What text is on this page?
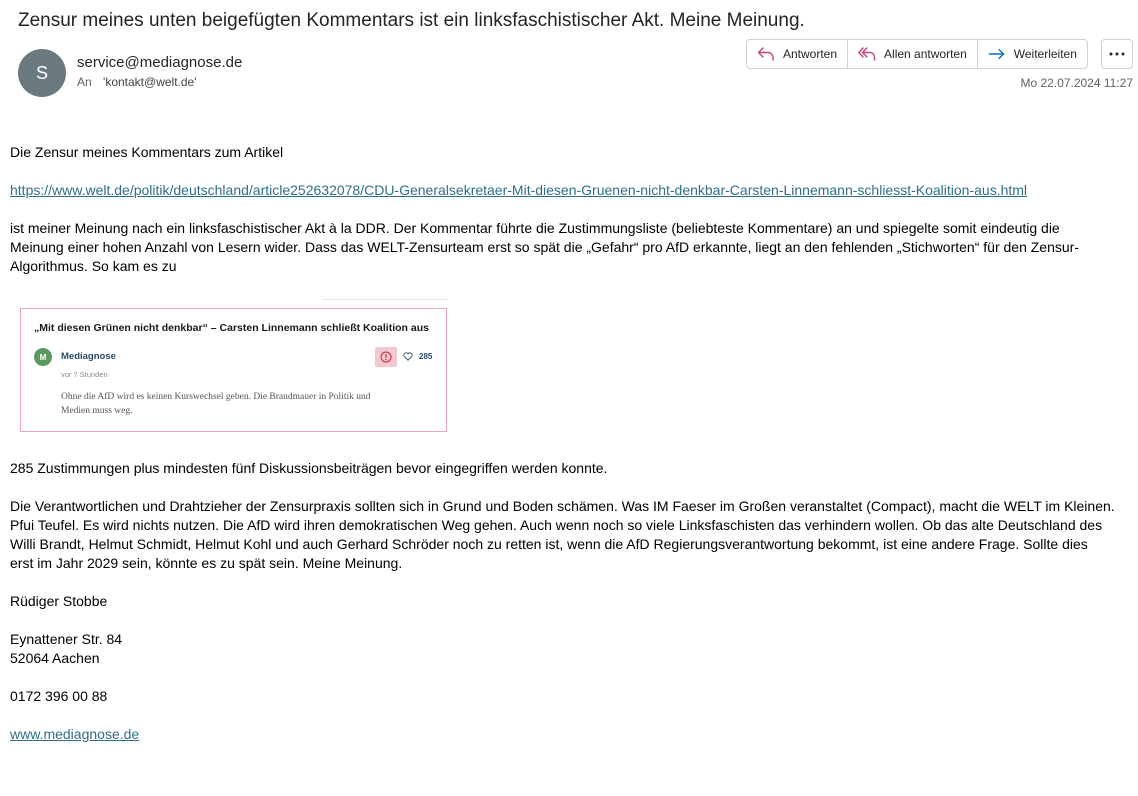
Zensur meines unten beigefügten Kommentars ist ein linksfaschistischer Akt. Meine Meinung.
S	service@mediagnose.de
An 'kontakt@welt.de'
Antworten	Allen antworten	Weiterleiten
Mo 22.07.2024 11:27
Die Zensur meines Kommentars zum Artikel
https://www.welt.de/politik/deutschland/article252632078/CDU-Generalsekretaer-Mit-diesen-Gruenen-nicht-denkbar-Carsten-Linnemann-schliesst-Koalition-aus.html
ist meiner Meinung nach ein linksfaschistischer Akt à la DDR. Der Kommentar führte die Zustimmungsliste (beliebteste Kommentare) an und spiegelte somit eindeutig die
Meinung einer hohen Anzahl von Lesern wider. Dass das WELT-Zensurteam erst so spät die „Gefahr“ pro AfD erkannte, liegt an den fehlenden „Stichworten“ für den Zensur-
Algorithmus. So kam es zu
„Mit diesen Grünen nicht denkbar“ – Carsten Linnemann schließt Koalition aus
M	Mediagnose
vor 7 Stunden
285
Ohne die AfD wird es keinen Kurswechsel geben. Die Brandmauer in Politik und Medien muss weg.
285 Zustimmungen plus mindesten fünf Diskussionsbeiträgen bevor eingegriffen werden konnte.
Die Verantwortlichen und Drahtzieher der Zensurpraxis sollten sich in Grund und Boden schämen. Was IM Faeser im Großen veranstaltet (Compact), macht die WELT im Kleinen.
Pfui Teufel. Es wird nichts nutzen. Die AfD wird ihren demokratischen Weg gehen. Auch wenn noch so viele Linksfaschisten das verhindern wollen. Ob das alte Deutschland des
Willi Brandt, Helmut Schmidt, Helmut Kohl und auch Gerhard Schröder noch zu retten ist, wenn die AfD Regierungsverantwortung bekommt, ist eine andere Frage. Sollte dies
erst im Jahr 2029 sein, könnte es zu spät sein. Meine Meinung.
Rüdiger Stobbe
Eynattener Str. 84
52064 Aachen
0172 396 00 88
www.mediagnose.de
